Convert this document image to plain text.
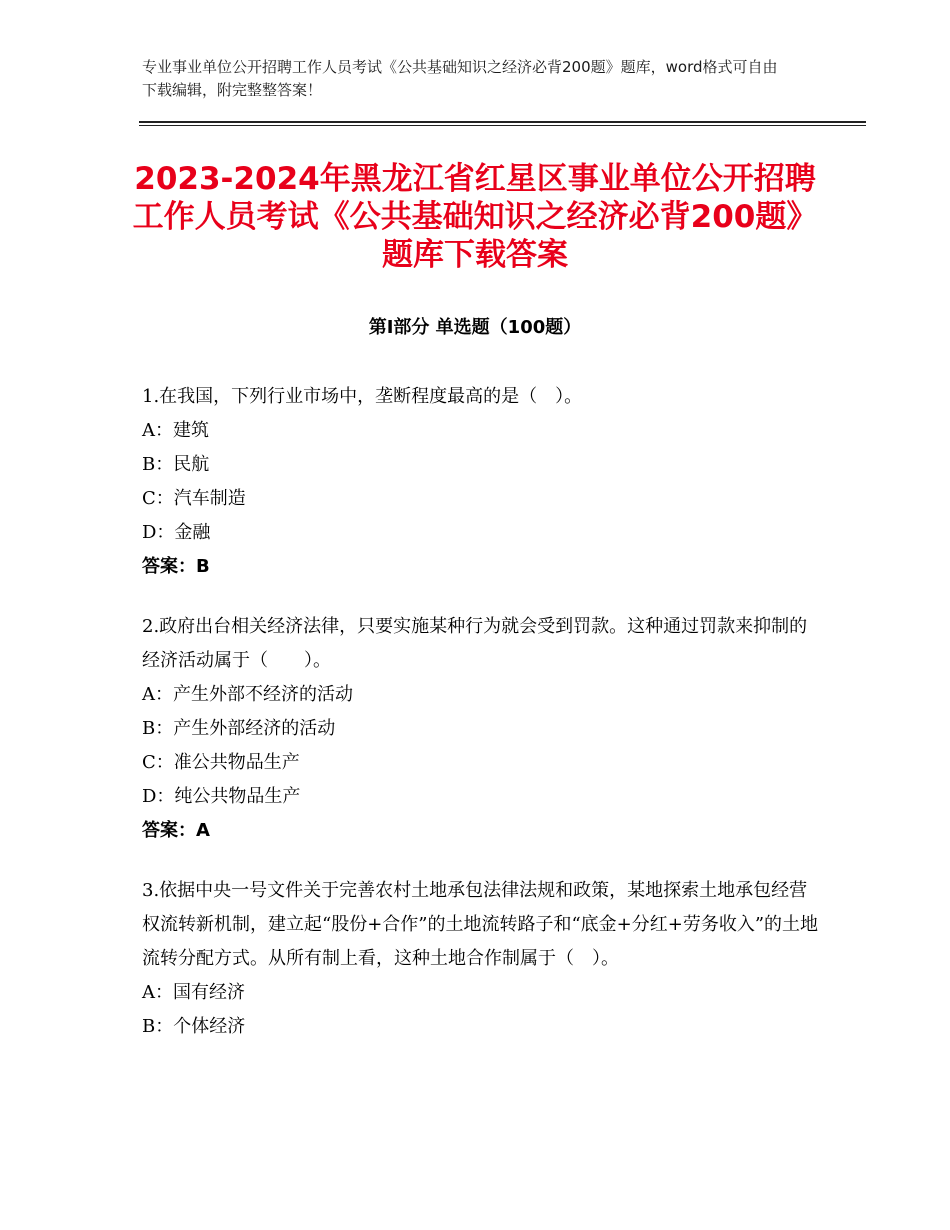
专业事业单位公开招聘工作人员考试《公共基础知识之经济必背200题》题库，word格式可自由下载编辑，附完整整答案！
2023-2024年黑龙江省红星区事业单位公开招聘工作人员考试《公共基础知识之经济必背200题》题库下载答案
第Ⅰ部分 单选题（100题）

1.在我国，下列行业市场中，垄断程度最高的是（　）。

A：建筑

B：民航

C：汽车制造

D：金融

答案：B

2.政府出台相关经济法律，只要实施某种行为就会受到罚款。这种通过罚款来抑制的经济活动属于（　　）。

A：产生外部不经济的活动

B：产生外部经济的活动

C：准公共物品生产

D：纯公共物品生产

答案：A

3.依据中央一号文件关于完善农村土地承包法律法规和政策，某地探索土地承包经营权流转新机制，建立起“股份+合作”的土地流转路子和“底金+分红+劳务收入”的土地流转分配方式。从所有制上看，这种土地合作制属于（　）。

A：国有经济

B：个体经济
